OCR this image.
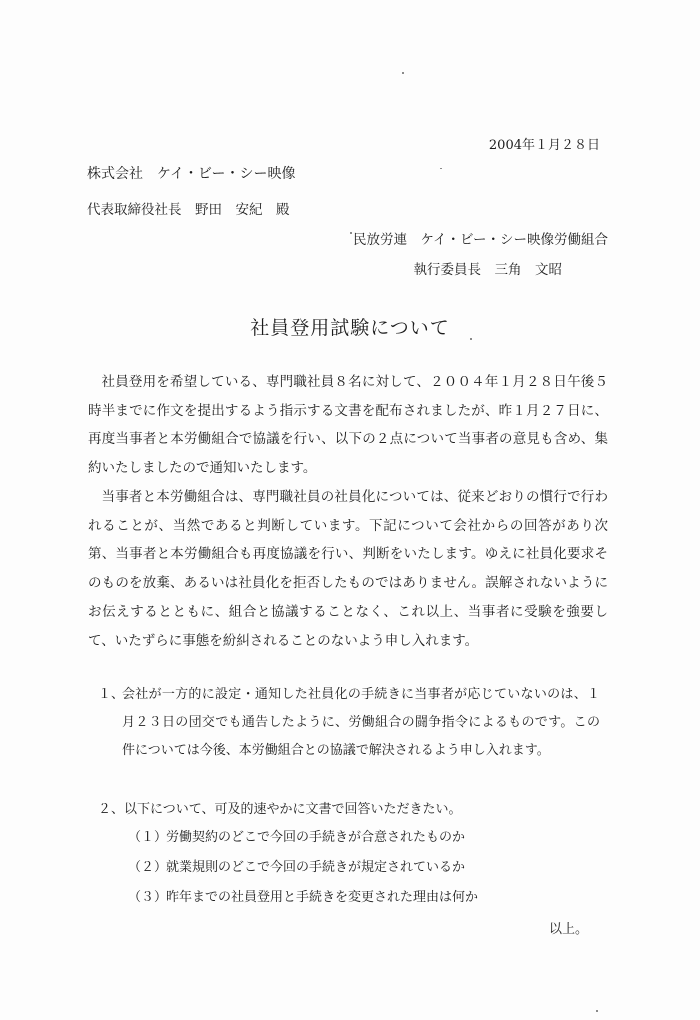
2004年１月２８日
株式会社　ケイ・ビー・シー映像
代表取締役社長　野田　安紀　殿
民放労連　ケイ・ビー・シー映像労働組合
執行委員長　三角　文昭
社員登用試験について
社員登用を希望している、専門職社員８名に対して、２００４年１月２８日午後５時半までに作文を提出するよう指示する文書を配布されましたが、昨１月２７日に、再度当事者と本労働組合で協議を行い、以下の２点について当事者の意見も含め、集約いたしましたので通知いたします。
当事者と本労働組合は、専門職社員の社員化については、従来どおりの慣行で行われることが、当然であると判断しています。下記について会社からの回答があり次第、当事者と本労働組合も再度協議を行い、判断をいたします。ゆえに社員化要求そのものを放棄、あるいは社員化を拒否したものではありません。誤解されないようにお伝えするとともに、組合と協議することなく、これ以上、当事者に受験を強要して、いたずらに事態を紛糾されることのないよう申し入れます。
１、
会社が一方的に設定・通知した社員化の手続きに当事者が応じていないのは、１月２３日の団交でも通告したように、労働組合の闘争指令によるものです。この件については今後、本労働組合との協議で解決されるよう申し入れます。
２、以下について、可及的速やかに文書で回答いただきたい。
（１）労働契約のどこで今回の手続きが合意されたものか
（２）就業規則のどこで今回の手続きが規定されているか
（３）昨年までの社員登用と手続きを変更された理由は何か
以上。
